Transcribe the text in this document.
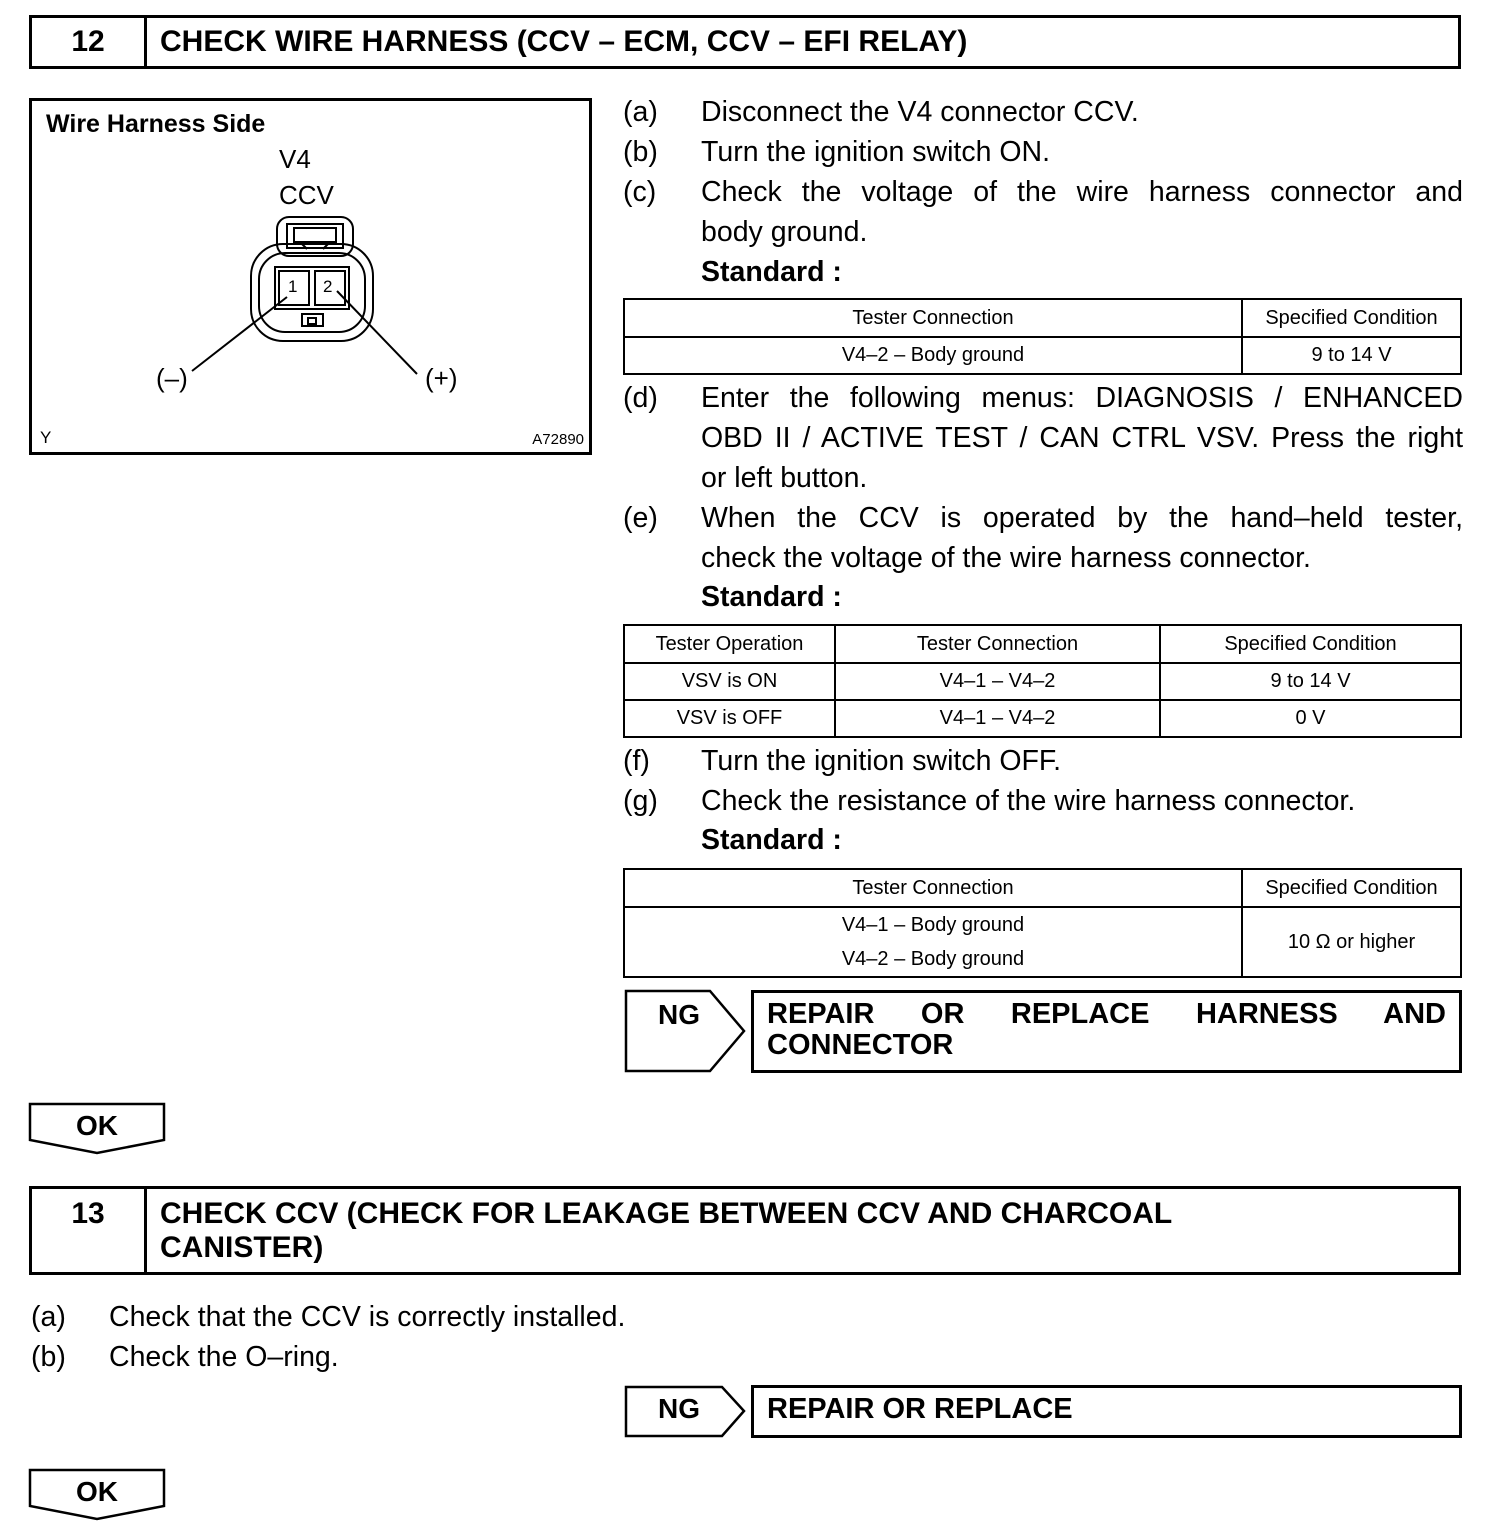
12	CHECK WIRE HARNESS (CCV – ECM, CCV – EFI RELAY)
Wire Harness Side
V4
CCV
1 2
(–)	(+)
Y	A72890
(a) Disconnect the V4 connector CCV.
(b) Turn the ignition switch ON.
(c) Check the voltage of the wire harness connector and
body ground.
Standard :
Tester Connection	Specified Condition
V4–2 – Body ground	9 to 14 V
(d) Enter the following menus: DIAGNOSIS / ENHANCED
OBD II / ACTIVE TEST / CAN CTRL VSV. Press the right
or left button.
(e) When the CCV is operated by the hand–held tester,
check the voltage of the wire harness connector.
Standard :
Tester Operation	Tester Connection	Specified Condition
VSV is ON	V4–1 – V4–2	9 to 14 V
VSV is OFF	V4–1 – V4–2	0 V
(f) Turn the ignition switch OFF.
(g) Check the resistance of the wire harness connector.
Standard :
Tester Connection	Specified Condition

V4–1 – Body ground
V4–2 – Body ground	10 Ω or higher
NG REPAIR OR REPLACE HARNESS AND
CONNECTOR
OK
13	CHECK CCV (CHECK FOR LEAKAGE BETWEEN CCV AND CHARCOAL
CANISTER)
(a) Check that the CCV is correctly installed.
(b) Check the O–ring.
NG REPAIR OR REPLACE
OK
